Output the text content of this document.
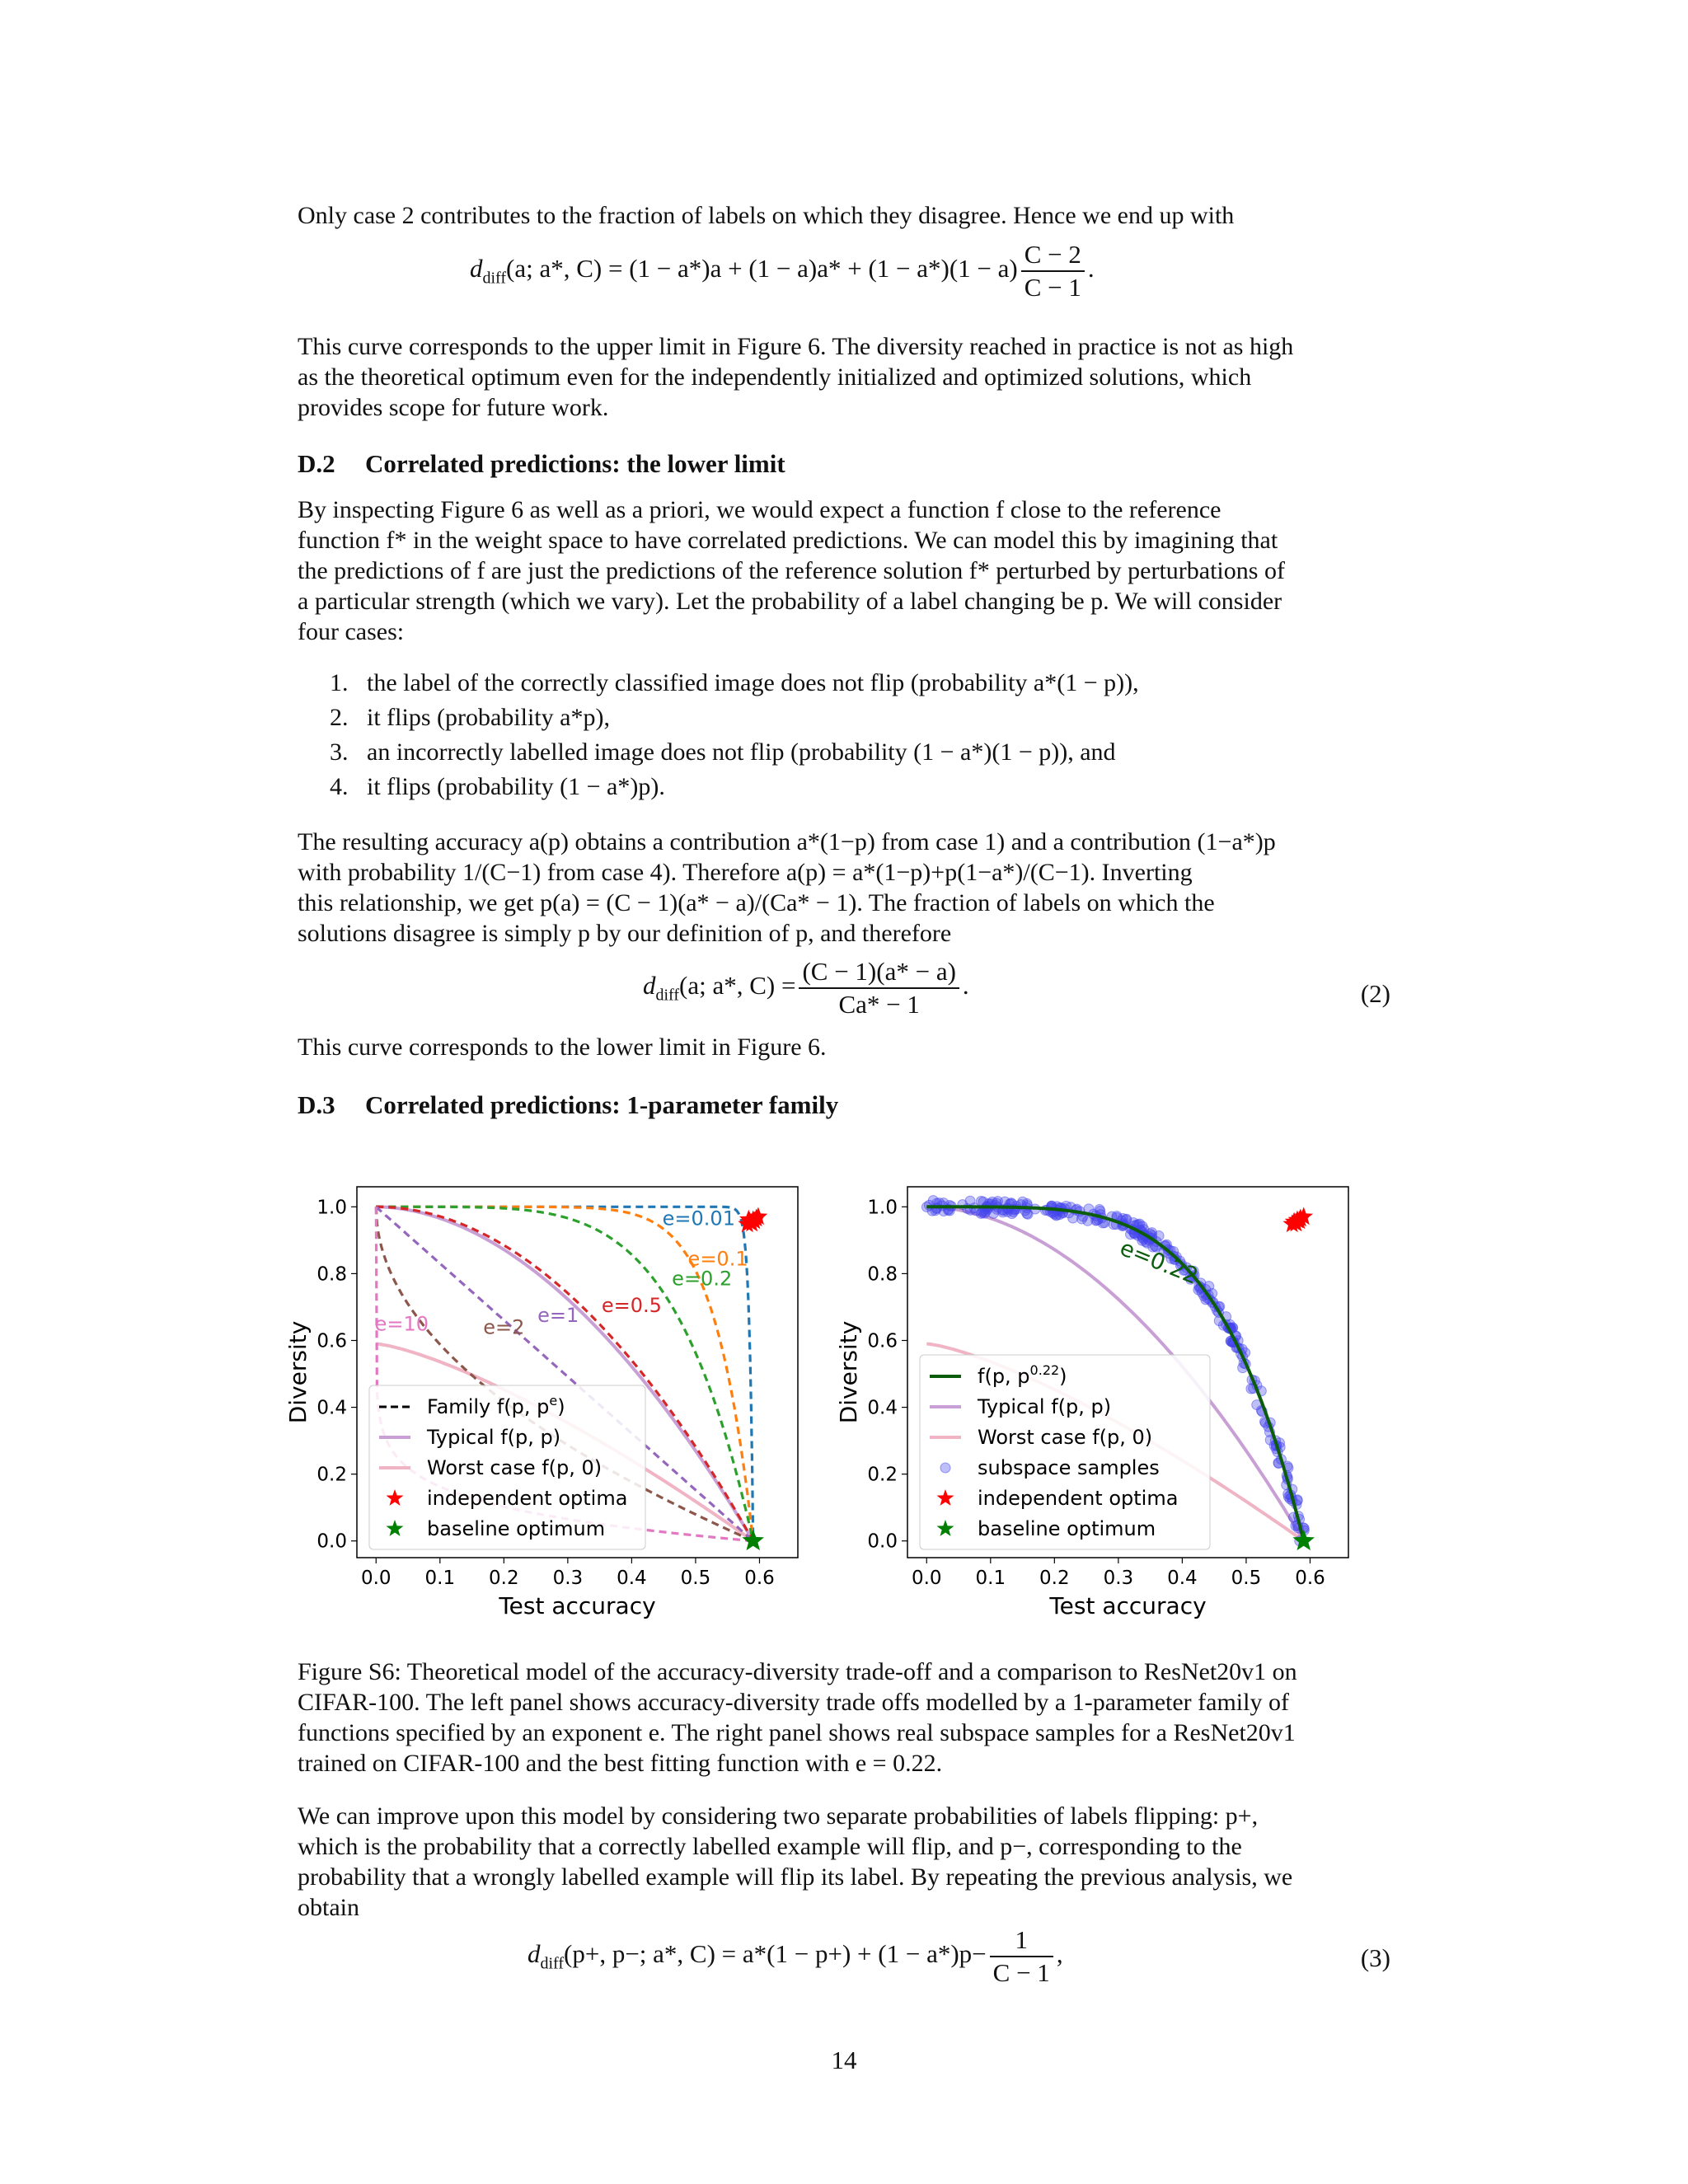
Only case 2 contributes to the fraction of labels on which they disagree. Hence we end up with
$d_{diff}(a$; a*, $C) = (1 - a*)a + (1 - a)a* + (1 - a*)(1 - a) \frac{C - 2}{C - 1}$ .
This curve corresponds to the upper limit in Figure 6. The diversity reached in practice is not as high
as the theoretical optimum even for the independently initialized and optimized solutions, which
provides scope for future work.
D.2 Correlated predictions: the lower limit
By inspecting Figure 6 as well as a priori, we would expect a function f close to the reference
function f* in the weight space to have correlated predictions. We can model this by imagining that
the predictions of f are just the predictions of the reference solution f* perturbed by perturbations of
a particular strength (which we vary). Let the probability of a label changing be p. We will consider
four cases:
1. the label of the correctly classified image does not flip (probability a*(1 − p)),
2. it flips (probability a*p),
3. an incorrectly labelled image does not flip (probability (1 − a*)(1 − p)), and
4. it flips (probability (1 − a*)p).
The resulting accuracy a(p) obtains a contribution a*(1−p) from case 1) and a contribution (1−a*)p
with probability 1/(C−1) from case 4). Therefore a(p) = a*(1−p)+p(1−a*)/(C−1). Inverting
this relationship, we get p(a) = (C − 1)(a* − a)/(Ca* − 1). The fraction of labels on which the
solutions disagree is simply p by our definition of p, and therefore
$d_{diff}(a$; a*, $C) = \frac{(C - 1)(a* - a)}{Ca* - 1}$ .	(2)
This curve corresponds to the lower limit in Figure 6.
D.3 Correlated predictions: 1-parameter family
0.0 0.1 0.2 0.3 0.4 0.5 0.6
0.0
0.2
0.4
0.6
0.8
1.0
Test accuracy
Diversity
e=0.01
e=0.1
e=0.2
e=0.5
e=1
e=2
e=10
Family f(p, $p^e$)
Typical f(p, p)
Worst case f(p, 0)
independent optima
baseline optimum
0.0 0.1 0.2 0.3 0.4 0.5 0.6
0.0
0.2
0.4
0.6
0.8
1.0
Test accuracy
Diversity
e=0.22
f(p, $p^{0.22}$)
Typical f(p, p)
Worst case f(p, 0)
subspace samples
independent optima
baseline optimum
Figure S6: Theoretical model of the accuracy-diversity trade-off and a comparison to ResNet20v1 on
CIFAR-100. The left panel shows accuracy-diversity trade offs modelled by a 1-parameter family of
functions specified by an exponent e. The right panel shows real subspace samples for a ResNet20v1
trained on CIFAR-100 and the best fitting function with e = 0.22.
We can improve upon this model by considering two separate probabilities of labels flipping: p+,
which is the probability that a correctly labelled example will flip, and p−, corresponding to the
probability that a wrongly labelled example will flip its label. By repeating the previous analysis, we
obtain
$d_{diff}(p+$, p−; a*, $C) = a*(1 - p+) + (1 - a*)p- \frac{1}{C - 1}$ ,	(3)
14
